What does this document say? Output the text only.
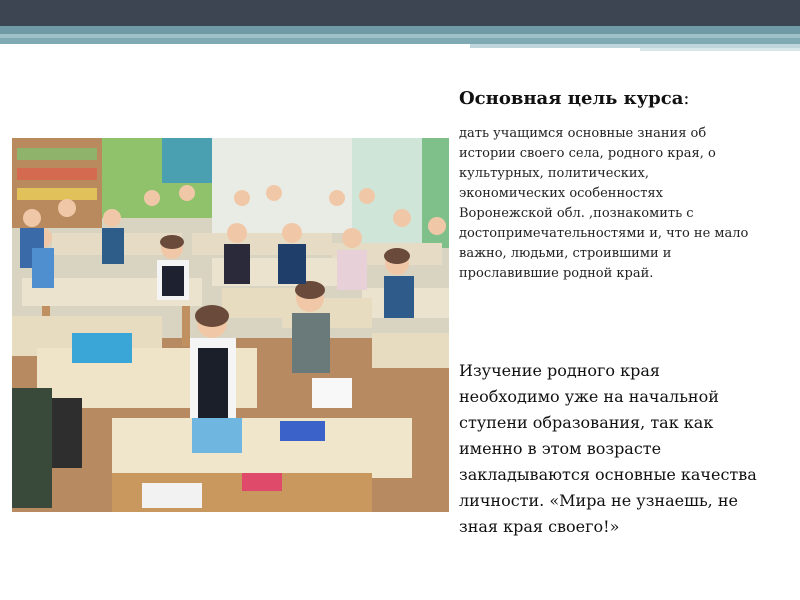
Основная цель курса:
дать учащимся основные знания об истории своего села, родного края, о культурных, политических, экономических особенностях Воронежской обл. ,познакомить с достопримечательностями и, что не мало важно, людьми, строившими и прославившие родной край.
Изучение родного края необходимо уже на начальной ступени образования, так как именно в этом возрасте закладываются основные качества личности. «Мира не узнаешь, не зная края своего!»
